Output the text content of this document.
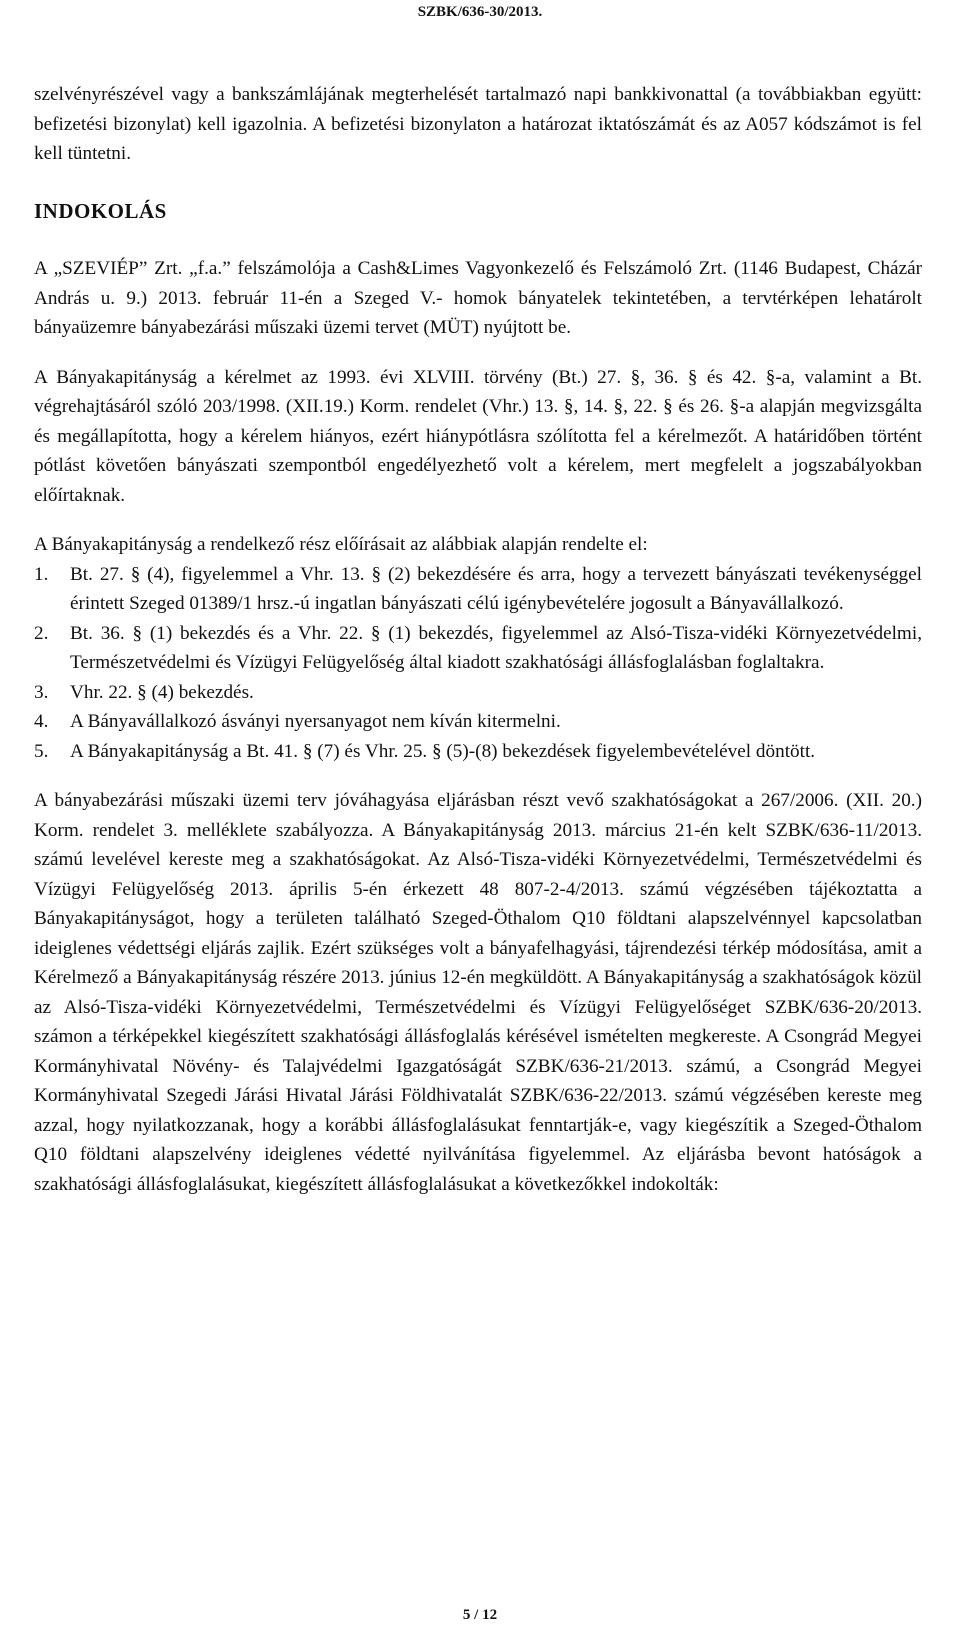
SZBK/636-30/2013.

szelvényrészével vagy a bankszámlájának megterhelését tartalmazó napi bankkivonattal (a továbbiakban együtt: befizetési bizonylat) kell igazolnia. A befizetési bizonylaton a határozat iktatószámát és az A057 kódszámot is fel kell tüntetni.

INDOKOLÁS

A „SZEVIÉP” Zrt. „f.a.” felszámolója a Cash&Limes Vagyonkezelő és Felszámoló Zrt. (1146 Budapest, Cházár András u. 9.) 2013. február 11-én a Szeged V.- homok bányatelek tekintetében, a tervtérképen lehatárolt bányaüzemre bányabezárási műszaki üzemi tervet (MÜT) nyújtott be.

A Bányakapitányság a kérelmet az 1993. évi XLVIII. törvény (Bt.) 27. §, 36. § és 42. §-a, valamint a Bt. végrehajtásáról szóló 203/1998. (XII.19.) Korm. rendelet (Vhr.) 13. §, 14. §, 22. § és 26. §-a alapján megvizsgálta és megállapította, hogy a kérelem hiányos, ezért hiánypótlásra szólította fel a kérelmezőt. A határidőben történt pótlást követően bányászati szempontból engedélyezhető volt a kérelem, mert megfelelt a jogszabályokban előírtaknak.

A Bányakapitányság a rendelkező rész előírásait az alábbiak alapján rendelte el:

1. Bt. 27. § (4), figyelemmel a Vhr. 13. § (2) bekezdésére és arra, hogy a tervezett bányászati tevékenységgel érintett Szeged 01389/1 hrsz.-ú ingatlan bányászati célú igénybevételére jogosult a Bányavállalkozó.
2. Bt. 36. § (1) bekezdés és a Vhr. 22. § (1) bekezdés, figyelemmel az Alsó-Tisza-vidéki Környezetvédelmi, Természetvédelmi és Vízügyi Felügyelőség által kiadott szakhatósági állásfoglalásban foglaltakra.
3. Vhr. 22. § (4) bekezdés.
4. A Bányavállalkozó ásványi nyersanyagot nem kíván kitermelni.
5. A Bányakapitányság a Bt. 41. § (7) és Vhr. 25. § (5)-(8) bekezdések figyelembevételével döntött.

A bányabezárási műszaki üzemi terv jóváhagyása eljárásban részt vevő szakhatóságokat a 267/2006. (XII. 20.) Korm. rendelet 3. melléklete szabályozza. A Bányakapitányság 2013. március 21-én kelt SZBK/636-11/2013. számú levelével kereste meg a szakhatóságokat. Az Alsó-Tisza-vidéki Környezetvédelmi, Természetvédelmi és Vízügyi Felügyelőség 2013. április 5-én érkezett 48 807-2-4/2013. számú végzésében tájékoztatta a Bányakapitányságot, hogy a területen található Szeged-Öthalom Q10 földtani alapszelvénnyel kapcsolatban ideiglenes védettségi eljárás zajlik. Ezért szükséges volt a bányafelhagyási, tájrendezési térkép módosítása, amit a Kérelmező a Bányakapitányság részére 2013. június 12-én megküldött. A Bányakapitányság a szakhatóságok közül az Alsó-Tisza-vidéki Környezetvédelmi, Természetvédelmi és Vízügyi Felügyelőséget SZBK/636-20/2013. számon a térképekkel kiegészített szakhatósági állásfoglalás kérésével ismételten megkereste. A Csongrád Megyei Kormányhivatal Növény- és Talajvédelmi Igazgatóságát SZBK/636-21/2013. számú, a Csongrád Megyei Kormányhivatal Szegedi Járási Hivatal Járási Földhivatalát SZBK/636-22/2013. számú végzésében kereste meg azzal, hogy nyilatkozzanak, hogy a korábbi állásfoglalásukat fenntartják-e, vagy kiegészítik a Szeged-Öthalom Q10 földtani alapszelvény ideiglenes védetté nyilvánítása figyelemmel. Az eljárásba bevont hatóságok a szakhatósági állásfoglalásukat, kiegészített állásfoglalásukat a következőkkel indokolták:

5 / 12
